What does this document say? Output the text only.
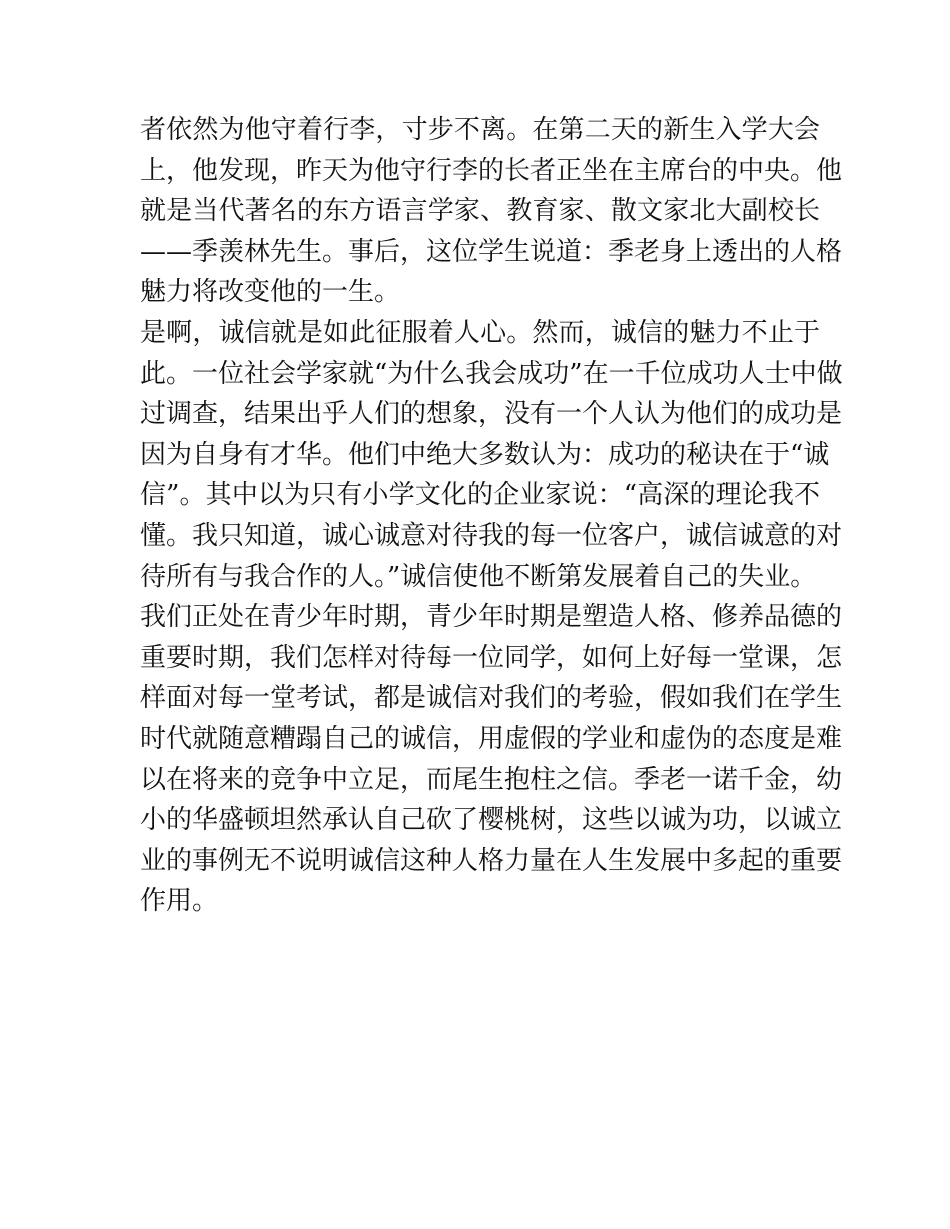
者依然为他守着行李，寸步不离。在第二天的新生入学大会
上，他发现，昨天为他守行李的长者正坐在主席台的中央。他
就是当代著名的东方语言学家、教育家、散文家北大副校长
——季羡林先生。事后，这位学生说道：季老身上透出的人格
魅力将改变他的一生。
是啊，诚信就是如此征服着人心。然而，诚信的魅力不止于
此。一位社会学家就“为什么我会成功”在一千位成功人士中做
过调查，结果出乎人们的想象，没有一个人认为他们的成功是
因为自身有才华。他们中绝大多数认为：成功的秘诀在于“诚
信”。其中以为只有小学文化的企业家说：“高深的理论我不
懂。我只知道，诚心诚意对待我的每一位客户，诚信诚意的对
待所有与我合作的人。”诚信使他不断第发展着自己的失业。
我们正处在青少年时期，青少年时期是塑造人格、修养品德的
重要时期，我们怎样对待每一位同学，如何上好每一堂课，怎
样面对每一堂考试，都是诚信对我们的考验，假如我们在学生
时代就随意糟蹋自己的诚信，用虚假的学业和虚伪的态度是难
以在将来的竞争中立足，而尾生抱柱之信。季老一诺千金，幼
小的华盛顿坦然承认自己砍了樱桃树，这些以诚为功，以诚立
业的事例无不说明诚信这种人格力量在人生发展中多起的重要
作用。
